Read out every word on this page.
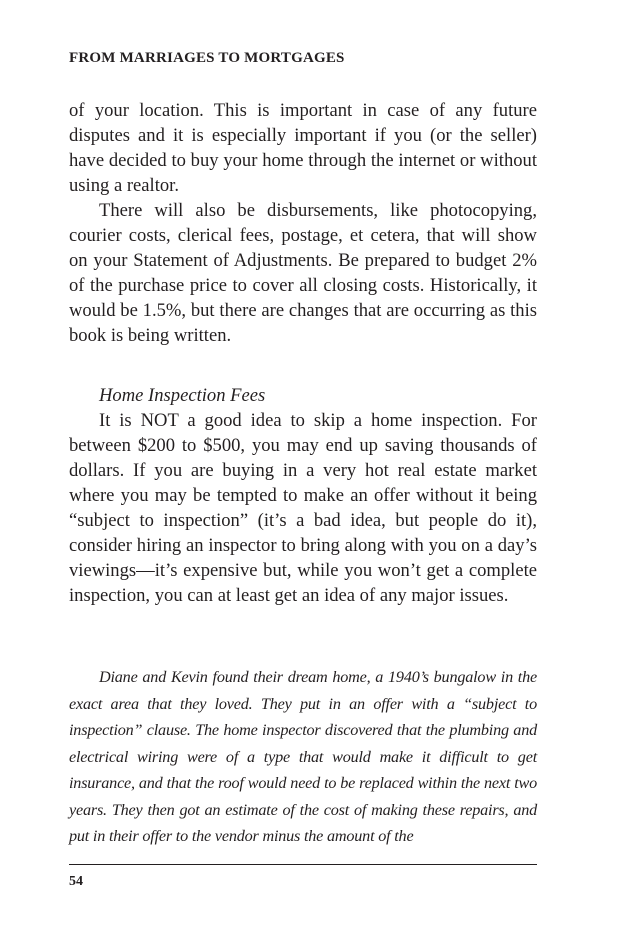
FROM MARRIAGES TO MORTGAGES
of your location. This is important in case of any future disputes and it is especially important if you (or the seller) have decided to buy your home through the internet or without using a realtor.
There will also be disbursements, like photocopying, courier costs, clerical fees, postage, et cetera, that will show on your Statement of Adjustments. Be prepared to budget 2% of the purchase price to cover all closing costs. Historically, it would be 1.5%, but there are changes that are occurring as this book is being written.
Home Inspection Fees
It is NOT a good idea to skip a home inspection. For between $200 to $500, you may end up saving thousands of dollars. If you are buying in a very hot real estate market where you may be tempted to make an offer without it being “subject to inspection” (it’s a bad idea, but people do it), consider hiring an inspector to bring along with you on a day’s viewings—it’s expensive but, while you won’t get a complete inspection, you can at least get an idea of any major issues.

Diane and Kevin found their dream home, a 1940’s bungalow in the exact area that they loved. They put in an offer with a “subject to inspection” clause. The home inspector discovered that the plumbing and electrical wiring were of a type that would make it difficult to get insurance, and that the roof would need to be replaced within the next two years. They then got an estimate of the cost of making these repairs, and put in their offer to the vendor minus the amount of the

54
